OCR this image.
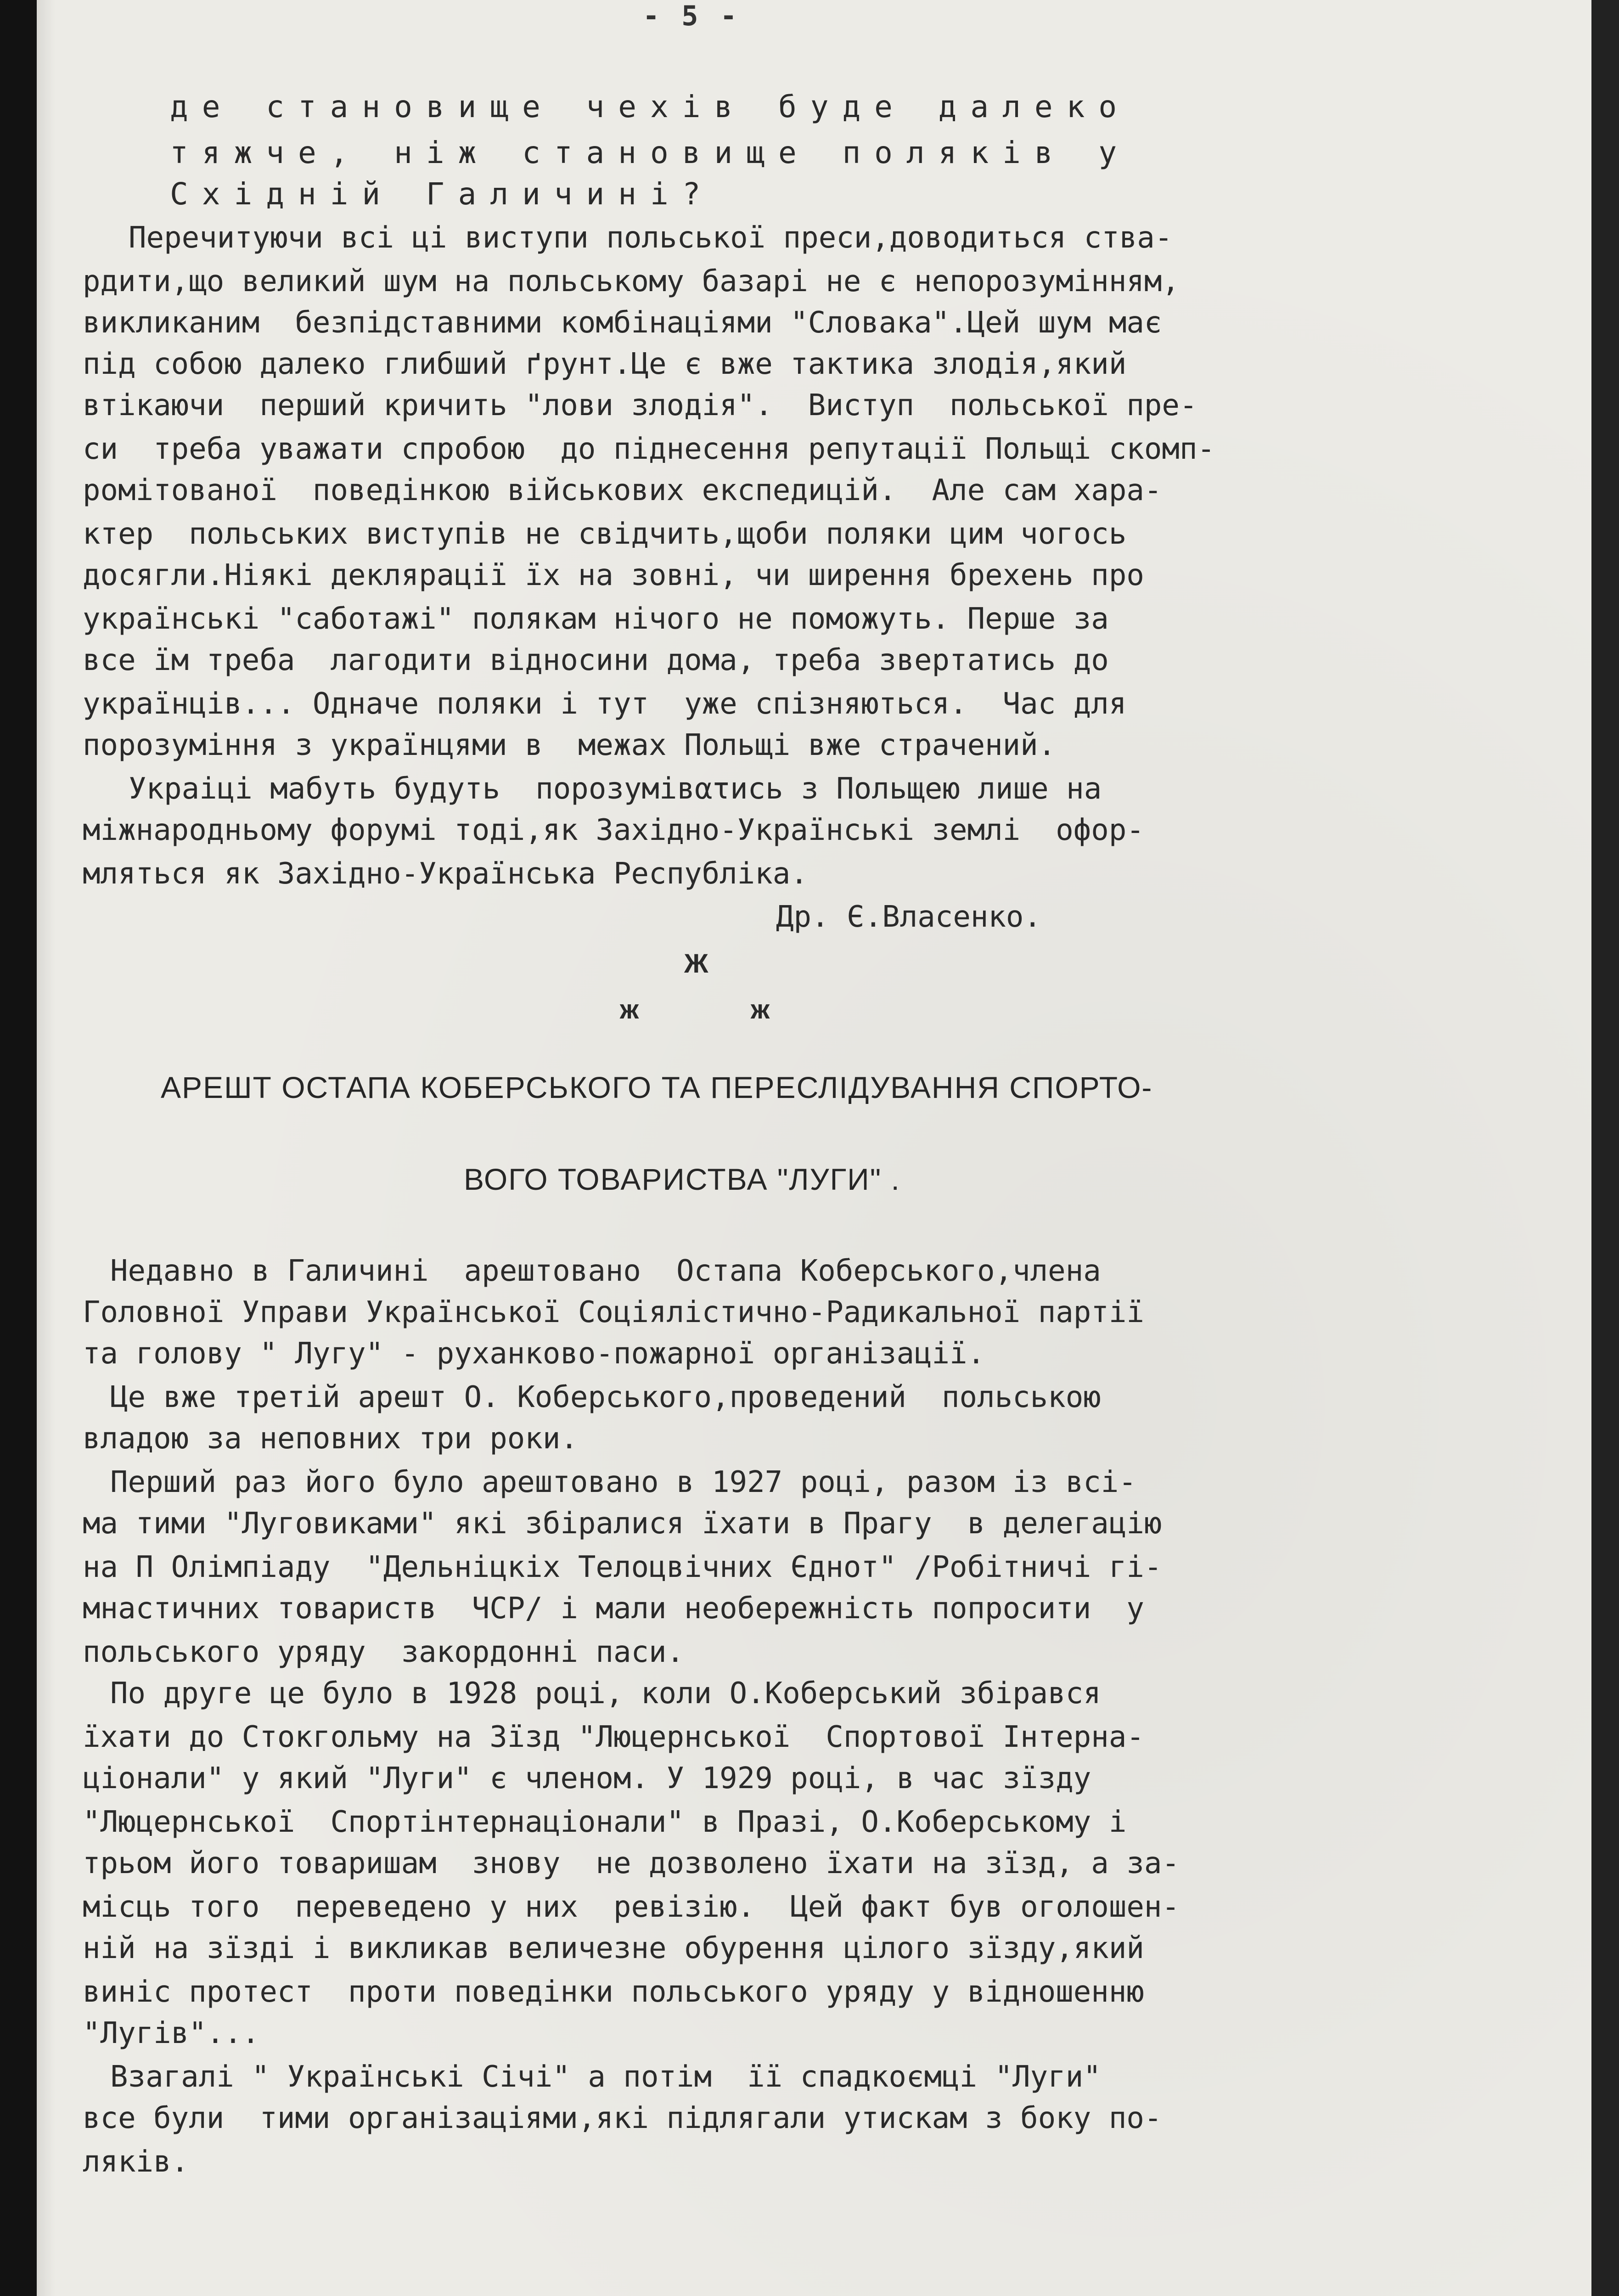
- 5 -
де становище чехів буде далеко
тяжче, ніж становище поляків у
Східній Галичині?
Перечитуючи всі ці виступи польської преси,доводиться ства-
рдити,що великий шум на польському базарі не є непорозумінням,
викликаним  безпідставними комбінаціями "Словака".Цей шум має
під собою далеко глибший ґрунт.Це є вже тактика злодія,який
втікаючи  перший кричить "лови злодія".  Виступ  польської пре-
си  треба уважати спробою  до піднесення репутації Польщі скомп-
ромітованої  поведінкою військових експедицій.  Але сам хара-
ктер  польських виступів не свідчить,щоби поляки цим чогось
досягли.Ніякі деклярації їх на зовні, чи ширення брехень про
українські "саботажі" полякам нічого не поможуть. Перше за
все їм треба  лагодити відносини дома, треба звертатись до
українців... Одначе поляки і тут  уже спізняються.  Час для
порозуміння з українцями в  межах Польщі вже страчений.
Украіці мабуть будуть  порозумівατись з Польщею лише на
міжнародньому форумі тоді,як Західно-Українські землі  офор-
мляться як Західно-Українська Республіка.
Др. Є.Власенко.
Ж
ж	ж
АРЕШТ ОСТАПА КОБЕРСЬКОГО ТА ПЕРЕСЛІДУВАННЯ СПОРТО-
ВОГО ТОВАРИСТВА "ЛУГИ" .
Недавно в Галичині  арештовано  Остапа Коберського,члена
Головної Управи Української Соціялістично-Радикальної партії
та голову " Лугу" - руханково-пожарної організації.
Це вже третій арешт О. Коберського,проведений  польською
владою за неповних три роки.
Перший раз його було арештовано в 1927 році, разом із всі-
ма тими "Луговиками" які збіралися їхати в Прагу  в делегацію
на П Олімпіаду  "Дельніцкіх Телоцвічних Єднот" /Робітничі гі-
мнастичних товариств  ЧСР/ і мали необережність попросити  у
польського уряду  закордонні паси.
По друге це було в 1928 році, коли О.Коберський збірався
їхати до Стокгольму на Зїзд "Люцернської  Спортової Інтерна-
ціонали" у який "Луги" є членом. У 1929 році, в час зїзду
"Люцернської  Спортінтернаціонали" в Празі, О.Коберському і
трьом його товаришам  знову  не дозволено їхати на зїзд, а за-
місць того  переведено у них  ревізію.  Цей факт був оголошен-
ній на зїзді і викликав величезне обурення цілого зїзду,який
виніс протест  проти поведінки польського уряду у відношенню
"Лугів"...
Взагалі " Українські Січі" а потім  її спадкоємці "Луги"
все були  тими організаціями,які підлягали утискам з боку по-
ляків.
